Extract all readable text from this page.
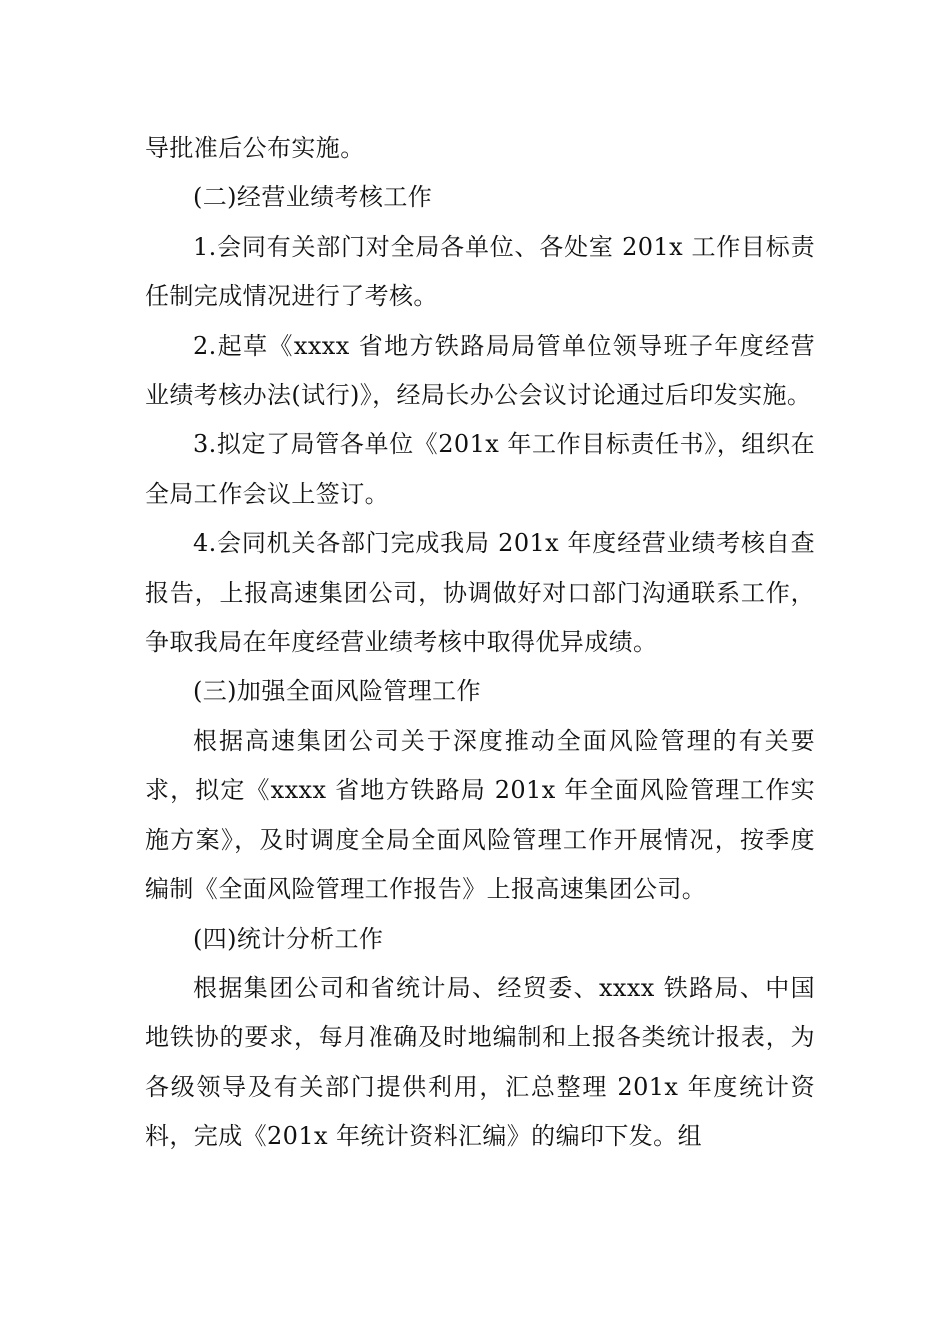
导批准后公布实施。

(二)经营业绩考核工作

1.会同有关部门对全局各单位、各处室 201x 工作目标责任制完成情况进行了考核。

2.起草《xxxx 省地方铁路局局管单位领导班子年度经营业绩考核办法(试行)》，经局长办公会议讨论通过后印发实施。

3.拟定了局管各单位《201x 年工作目标责任书》，组织在全局工作会议上签订。

4.会同机关各部门完成我局 201x 年度经营业绩考核自查报告，上报高速集团公司，协调做好对口部门沟通联系工作，争取我局在年度经营业绩考核中取得优异成绩。

(三)加强全面风险管理工作

根据高速集团公司关于深度推动全面风险管理的有关要求，拟定《xxxx 省地方铁路局 201x 年全面风险管理工作实施方案》，及时调度全局全面风险管理工作开展情况，按季度编制《全面风险管理工作报告》上报高速集团公司。

(四)统计分析工作

根据集团公司和省统计局、经贸委、xxxx 铁路局、中国地铁协的要求，每月准确及时地编制和上报各类统计报表，为各级领导及有关部门提供利用，汇总整理 201x 年度统计资料，完成《201x 年统计资料汇编》的编印下发。组
